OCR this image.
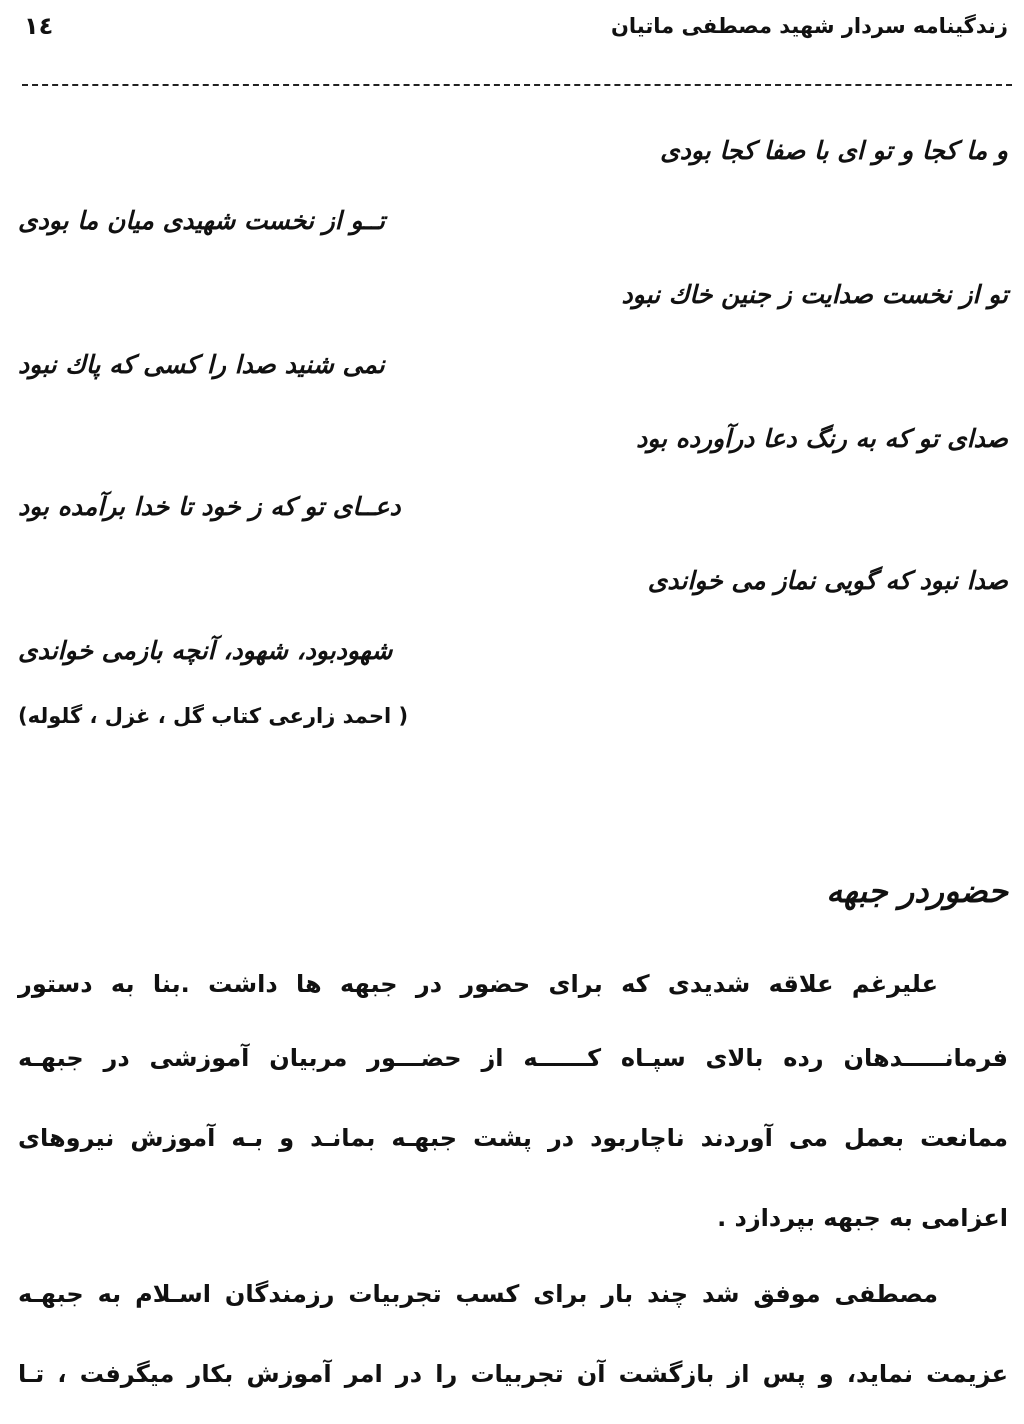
زندگینامه سردار شهید مصطفی ماتیان
۱٤
و ما کجا و تو ای با صفا کجا بودی
تــو از نخست شهیدی میان ما بودی
تو از نخست صدایت ز جنین خاك نبود
نمی شنید صدا را کسی که پاك نبود
صدای تو که به رنگ دعا درآورده بود
دعــای تو که ز خود تا خدا برآمده بود
صدا نبود که گویی نماز می خواندی
شهودبود، شهود، آنچه بازمی خواندی
( احمد زارعی کتاب گل ، غزل ، گلوله)
حضوردر جبهه
علیرغم علاقه شدیدی که برای حضور در جبهه ها داشت .بنا به دستور
فرمانـــــدهان رده بالای سپـاه کــــــه از حضـــور مربیان آموزشی در جبهـه
ممانعت بعمل می آوردند ناچاربود در پشت جبهـه بمانـد و بـه آموزش نیروهای
اعزامی به جبهه بپردازد .
مصطفی موفق شد چند بار برای کسب تجربیات رزمندگان اسـلام به جبهـه
عزیمت نماید، و پس از بازگشت آن تجربیات را در امر آموزش بکار میگرفت ، تـا
